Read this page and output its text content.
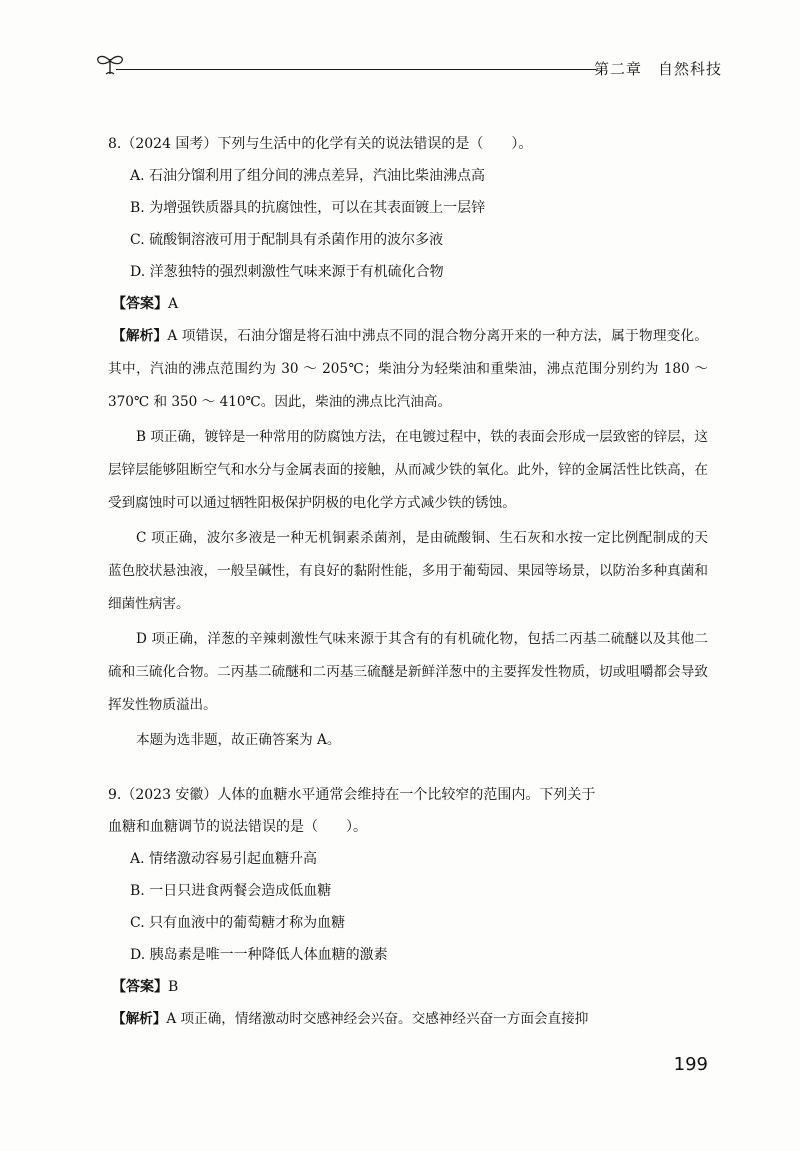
第二章　自然科技

8.（2024 国考）下列与生活中的化学有关的说法错误的是（　　）。

A. 石油分馏利用了组分间的沸点差异，汽油比柴油沸点高

B. 为增强铁质器具的抗腐蚀性，可以在其表面镀上一层锌

C. 硫酸铜溶液可用于配制具有杀菌作用的波尔多液

D. 洋葱独特的强烈刺激性气味来源于有机硫化合物

【答案】A

【解析】A 项错误，石油分馏是将石油中沸点不同的混合物分离开来的一种方法，属于物理变化。其中，汽油的沸点范围约为 30 ～ 205℃；柴油分为轻柴油和重柴油，沸点范围分别约为 180 ～ 370℃ 和 350 ～ 410℃。因此，柴油的沸点比汽油高。

B 项正确，镀锌是一种常用的防腐蚀方法，在电镀过程中，铁的表面会形成一层致密的锌层，这层锌层能够阻断空气和水分与金属表面的接触，从而减少铁的氧化。此外，锌的金属活性比铁高，在受到腐蚀时可以通过牺牲阳极保护阴极的电化学方式减少铁的锈蚀。

C 项正确，波尔多液是一种无机铜素杀菌剂，是由硫酸铜、生石灰和水按一定比例配制成的天蓝色胶状悬浊液，一般呈碱性，有良好的黏附性能，多用于葡萄园、果园等场景，以防治多种真菌和细菌性病害。

D 项正确，洋葱的辛辣刺激性气味来源于其含有的有机硫化物，包括二丙基二硫醚以及其他二硫和三硫化合物。二丙基二硫醚和二丙基三硫醚是新鲜洋葱中的主要挥发性物质，切或咀嚼都会导致挥发性物质溢出。

本题为选非题，故正确答案为 A。

9.（2023 安徽）人体的血糖水平通常会维持在一个比较窄的范围内。下列关于

血糖和血糖调节的说法错误的是（　　）。

A. 情绪激动容易引起血糖升高

B. 一日只进食两餐会造成低血糖

C. 只有血液中的葡萄糖才称为血糖

D. 胰岛素是唯一一种降低人体血糖的激素

【答案】B

【解析】A 项正确，情绪激动时交感神经会兴奋。交感神经兴奋一方面会直接抑

199
